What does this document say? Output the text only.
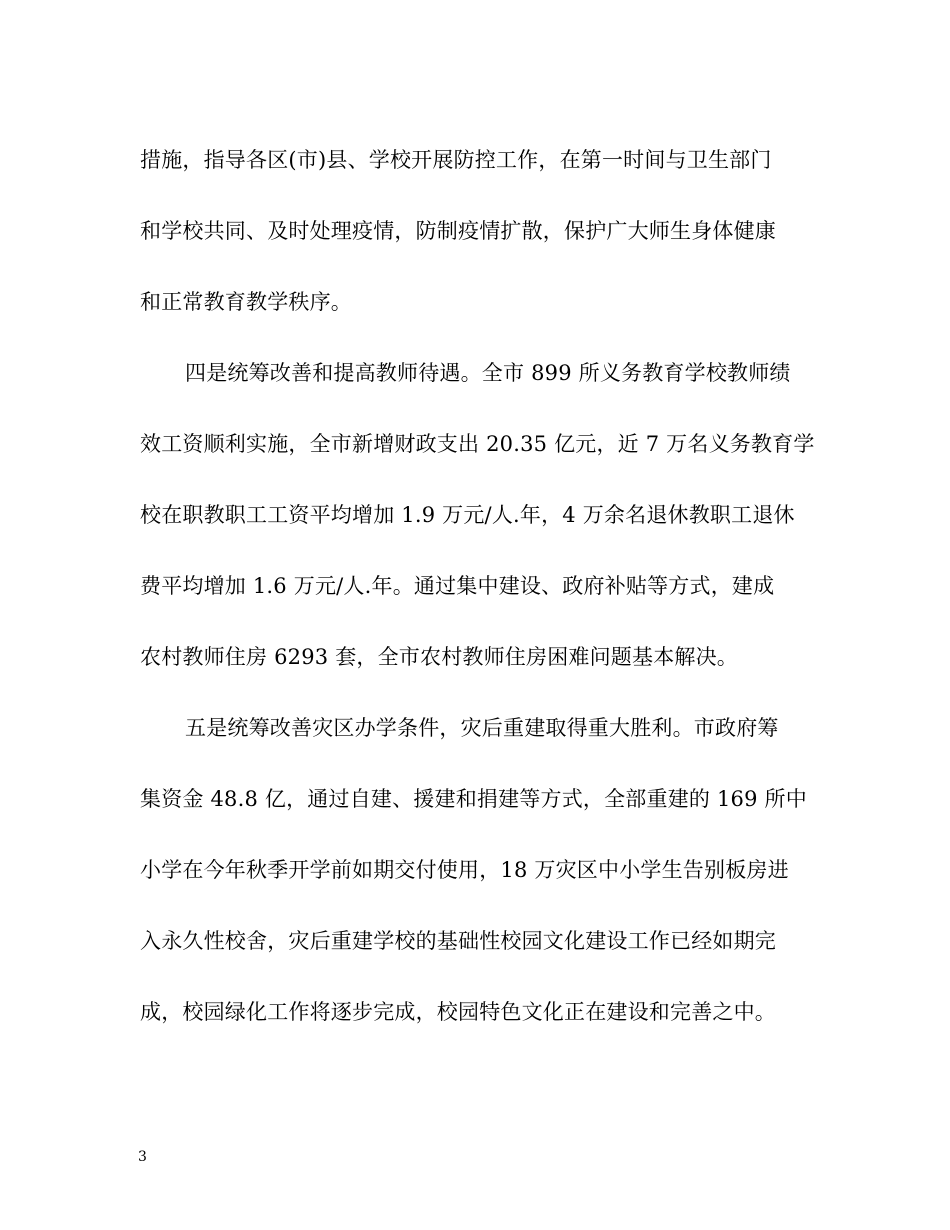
措施，指导各区(市)县、学校开展防控工作，在第一时间与卫生部门
和学校共同、及时处理疫情，防制疫情扩散，保护广大师生身体健康
和正常教育教学秩序。
四是统筹改善和提高教师待遇。全市 899 所义务教育学校教师绩
效工资顺利实施，全市新增财政支出 20.35 亿元，近 7 万名义务教育学
校在职教职工工资平均增加 1.9 万元/人.年，4 万余名退休教职工退休
费平均增加 1.6 万元/人.年。通过集中建设、政府补贴等方式，建成
农村教师住房 6293 套，全市农村教师住房困难问题基本解决。
五是统筹改善灾区办学条件，灾后重建取得重大胜利。市政府筹
集资金 48.8 亿，通过自建、援建和捐建等方式，全部重建的 169 所中
小学在今年秋季开学前如期交付使用，18 万灾区中小学生告别板房进
入永久性校舍，灾后重建学校的基础性校园文化建设工作已经如期完
成，校园绿化工作将逐步完成，校园特色文化正在建设和完善之中。
3
